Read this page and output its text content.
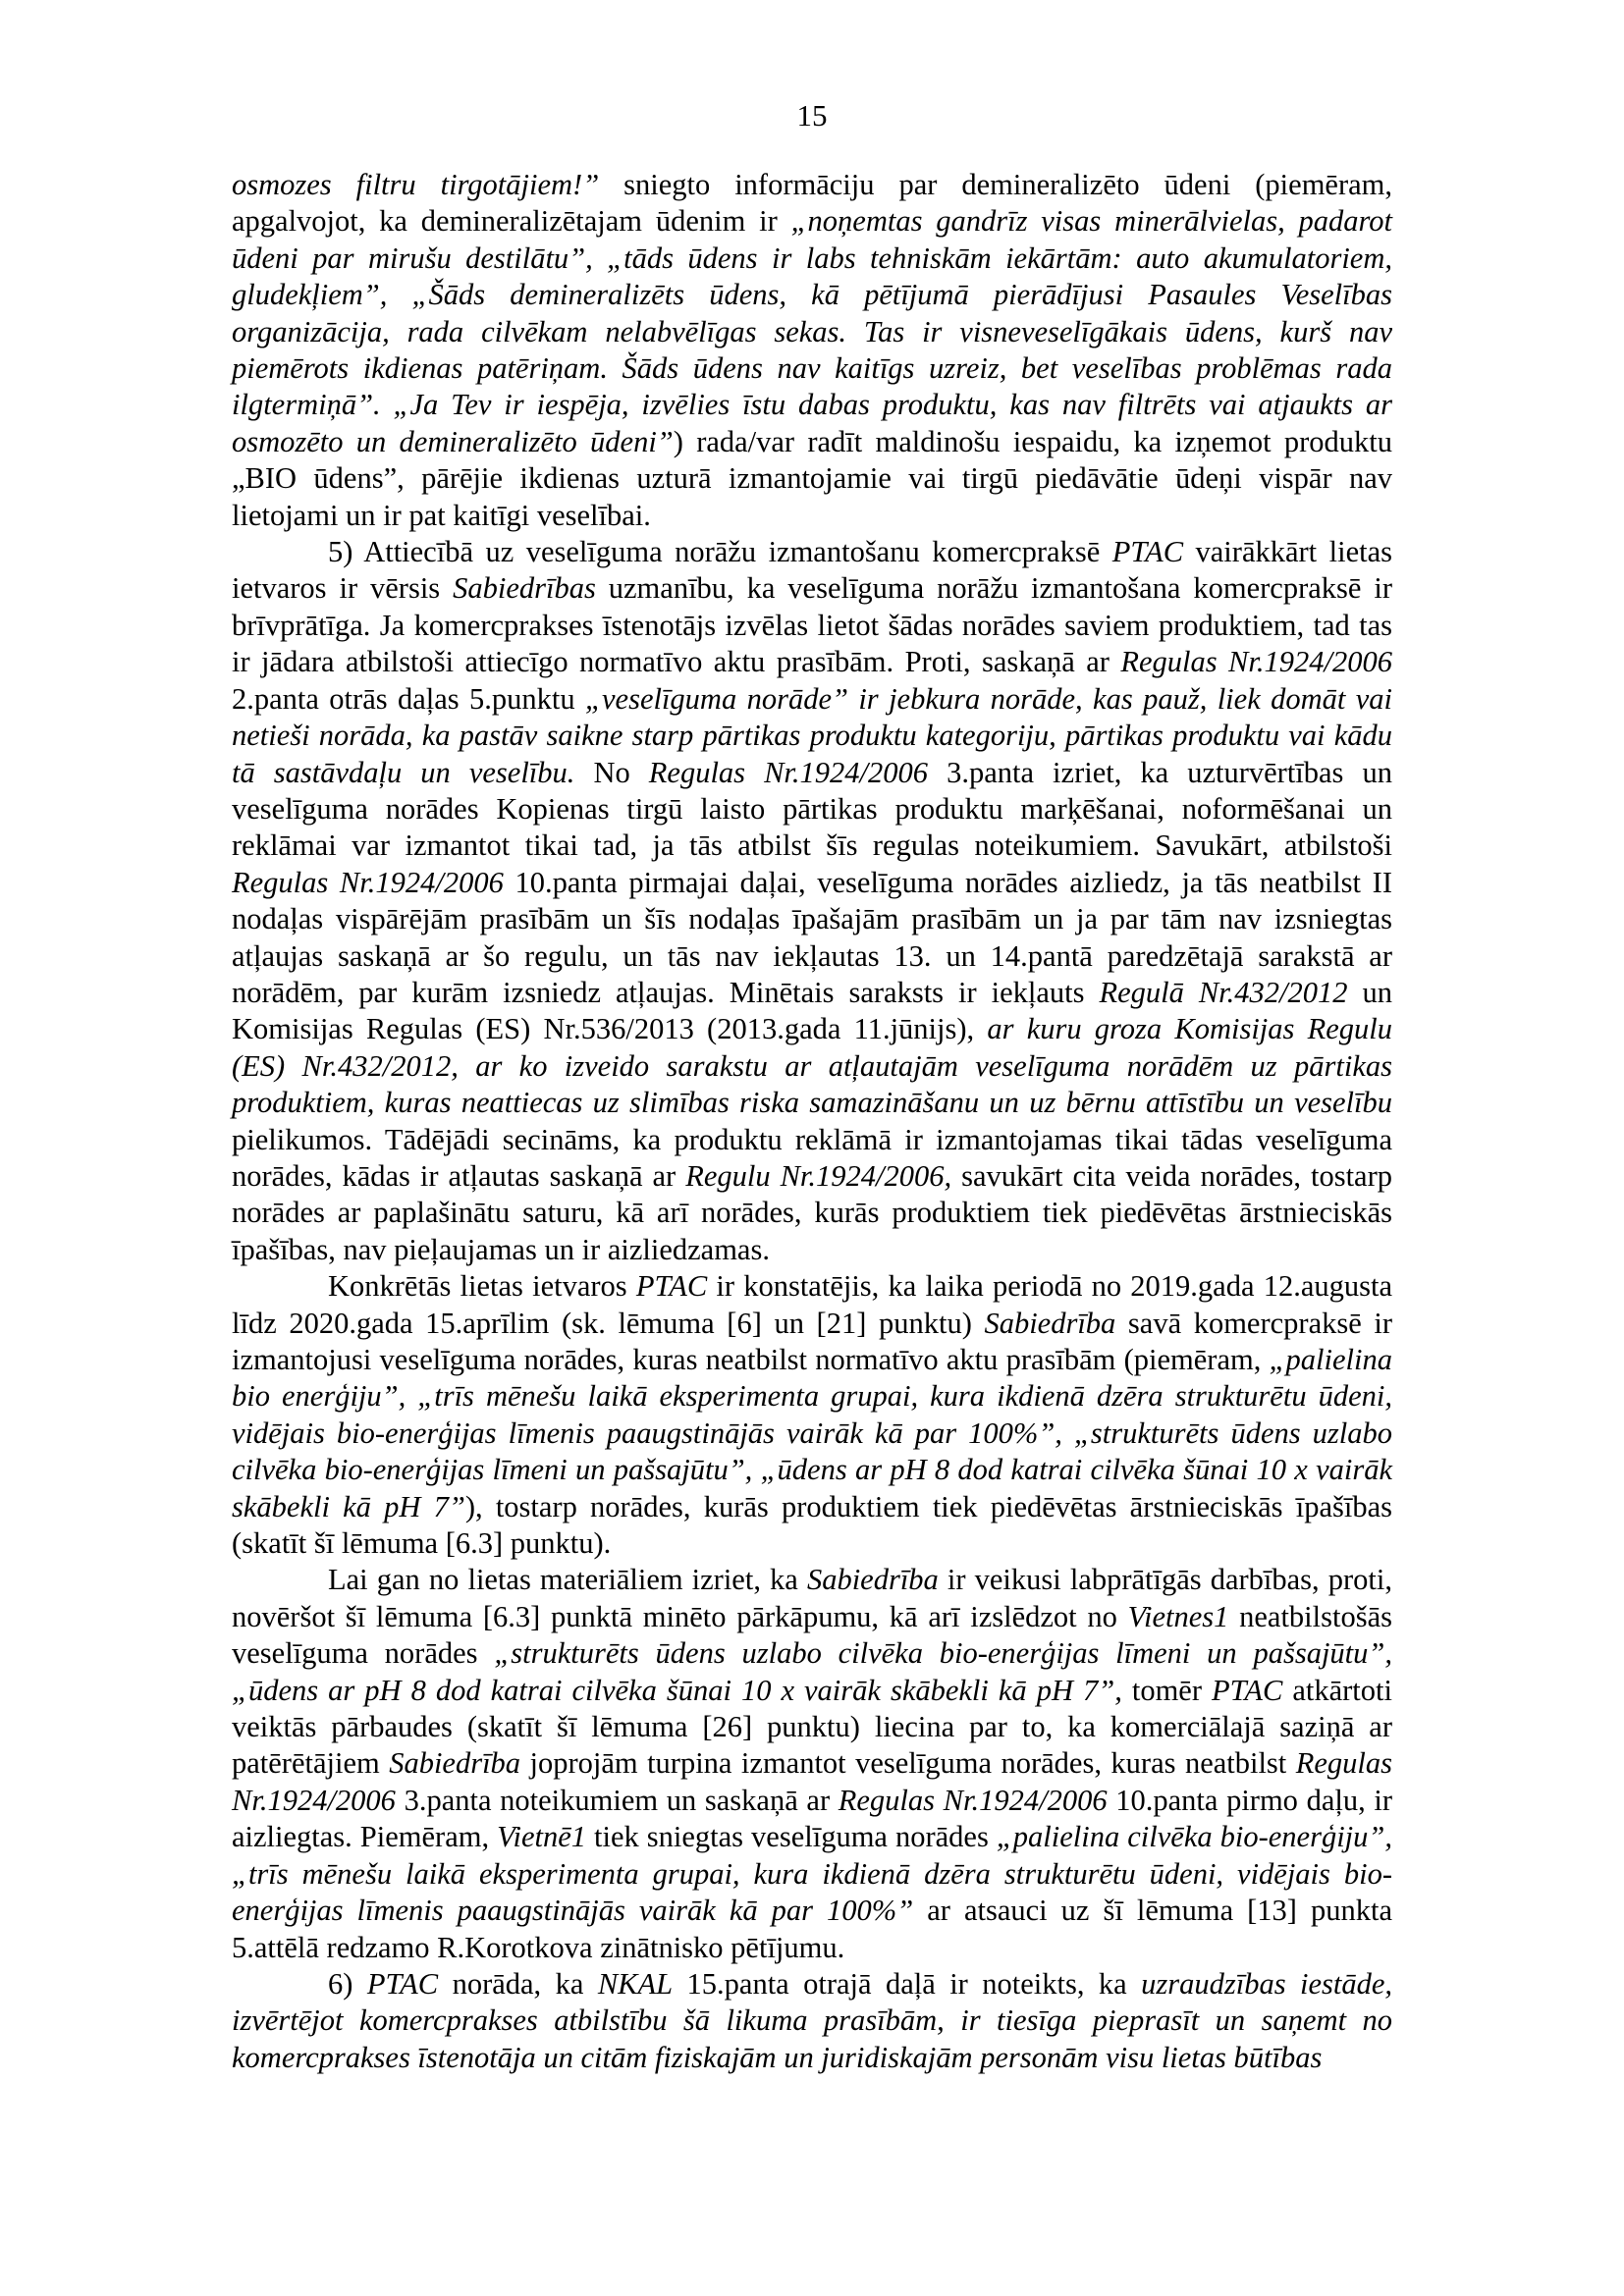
15

osmozes filtru tirgotājiem!” sniegto informāciju par demineralizēto ūdeni (piemēram, apgalvojot, ka demineralizētajam ūdenim ir „noņemtas gandrīz visas minerālvielas, padarot ūdeni par mirušu destilātu”, „tāds ūdens ir labs tehniskām iekārtām: auto akumulatoriem, gludekļiem”, „Šāds demineralizēts ūdens, kā pētījumā pierādījusi Pasaules Veselības organizācija, rada cilvēkam nelabvēlīgas sekas. Tas ir visneveselīgākais ūdens, kurš nav piemērots ikdienas patēriņam. Šāds ūdens nav kaitīgs uzreiz, bet veselības problēmas rada ilgtermiņā”. „Ja Tev ir iespēja, izvēlies īstu dabas produktu, kas nav filtrēts vai atjaukts ar osmozēto un demineralizēto ūdeni”) rada/var radīt maldinošu iespaidu, ka izņemot produktu „BIO ūdens”, pārējie ikdienas uzturā izmantojamie vai tirgū piedāvātie ūdeņi vispār nav lietojami un ir pat kaitīgi veselībai.

5) Attiecībā uz veselīguma norāžu izmantošanu komercpraksē PTAC vairākkārt lietas ietvaros ir vērsis Sabiedrības uzmanību, ka veselīguma norāžu izmantošana komercpraksē ir brīvprātīga. Ja komercprakses īstenotājs izvēlas lietot šādas norādes saviem produktiem, tad tas ir jādara atbilstoši attiecīgo normatīvo aktu prasībām. Proti, saskaņā ar Regulas Nr.1924/2006 2.panta otrās daļas 5.punktu „veselīguma norāde” ir jebkura norāde, kas pauž, liek domāt vai netieši norāda, ka pastāv saikne starp pārtikas produktu kategoriju, pārtikas produktu vai kādu tā sastāvdaļu un veselību. No Regulas Nr.1924/2006 3.panta izriet, ka uzturvērtības un veselīguma norādes Kopienas tirgū laisto pārtikas produktu marķēšanai, noformēšanai un reklāmai var izmantot tikai tad, ja tās atbilst šīs regulas noteikumiem. Savukārt, atbilstoši Regulas Nr.1924/2006 10.panta pirmajai daļai, veselīguma norādes aizliedz, ja tās neatbilst II nodaļas vispārējām prasībām un šīs nodaļas īpašajām prasībām un ja par tām nav izsniegtas atļaujas saskaņā ar šo regulu, un tās nav iekļautas 13. un 14.pantā paredzētajā sarakstā ar norādēm, par kurām izsniedz atļaujas. Minētais saraksts ir iekļauts Regulā Nr.432/2012 un Komisijas Regulas (ES) Nr.536/2013 (2013.gada 11.jūnijs), ar kuru groza Komisijas Regulu (ES) Nr.432/2012, ar ko izveido sarakstu ar atļautajām veselīguma norādēm uz pārtikas produktiem, kuras neattiecas uz slimības riska samazināšanu un uz bērnu attīstību un veselību pielikumos. Tādējādi secināms, ka produktu reklāmā ir izmantojamas tikai tādas veselīguma norādes, kādas ir atļautas saskaņā ar Regulu Nr.1924/2006, savukārt cita veida norādes, tostarp norādes ar paplašinātu saturu, kā arī norādes, kurās produktiem tiek piedēvētas ārstnieciskās īpašības, nav pieļaujamas un ir aizliedzamas.

Konkrētās lietas ietvaros PTAC ir konstatējis, ka laika periodā no 2019.gada 12.augusta līdz 2020.gada 15.aprīlim (sk. lēmuma [6] un [21] punktu) Sabiedrība savā komercpraksē ir izmantojusi veselīguma norādes, kuras neatbilst normatīvo aktu prasībām (piemēram, „palielina bio enerģiju”, „trīs mēnešu laikā eksperimenta grupai, kura ikdienā dzēra strukturētu ūdeni, vidējais bio-enerģijas līmenis paaugstinājās vairāk kā par 100%”, „strukturēts ūdens uzlabo cilvēka bio-enerģijas līmeni un pašsajūtu”, „ūdens ar pH 8 dod katrai cilvēka šūnai 10 x vairāk skābekli kā pH 7”), tostarp norādes, kurās produktiem tiek piedēvētas ārstnieciskās īpašības (skatīt šī lēmuma [6.3] punktu).

Lai gan no lietas materiāliem izriet, ka Sabiedrība ir veikusi labprātīgās darbības, proti, novēršot šī lēmuma [6.3] punktā minēto pārkāpumu, kā arī izslēdzot no Vietnes1 neatbilstošās veselīguma norādes „strukturēts ūdens uzlabo cilvēka bio-enerģijas līmeni un pašsajūtu”, „ūdens ar pH 8 dod katrai cilvēka šūnai 10 x vairāk skābekli kā pH 7”, tomēr PTAC atkārtoti veiktās pārbaudes (skatīt šī lēmuma [26] punktu) liecina par to, ka komerciālajā saziņā ar patērētājiem Sabiedrība joprojām turpina izmantot veselīguma norādes, kuras neatbilst Regulas Nr.1924/2006 3.panta noteikumiem un saskaņā ar Regulas Nr.1924/2006 10.panta pirmo daļu, ir aizliegtas. Piemēram, Vietnē1 tiek sniegtas veselīguma norādes „palielina cilvēka bio-enerģiju”, „trīs mēnešu laikā eksperimenta grupai, kura ikdienā dzēra strukturētu ūdeni, vidējais bio-enerģijas līmenis paaugstinājās vairāk kā par 100%” ar atsauci uz šī lēmuma [13] punkta 5.attēlā redzamo R.Korotkova zinātnisko pētījumu.

6) PTAC norāda, ka NKAL 15.panta otrajā daļā ir noteikts, ka uzraudzības iestāde, izvērtējot komercprakses atbilstību šā likuma prasībām, ir tiesīga pieprasīt un saņemt no komercprakses īstenotāja un citām fiziskajām un juridiskajām personām visu lietas būtības
